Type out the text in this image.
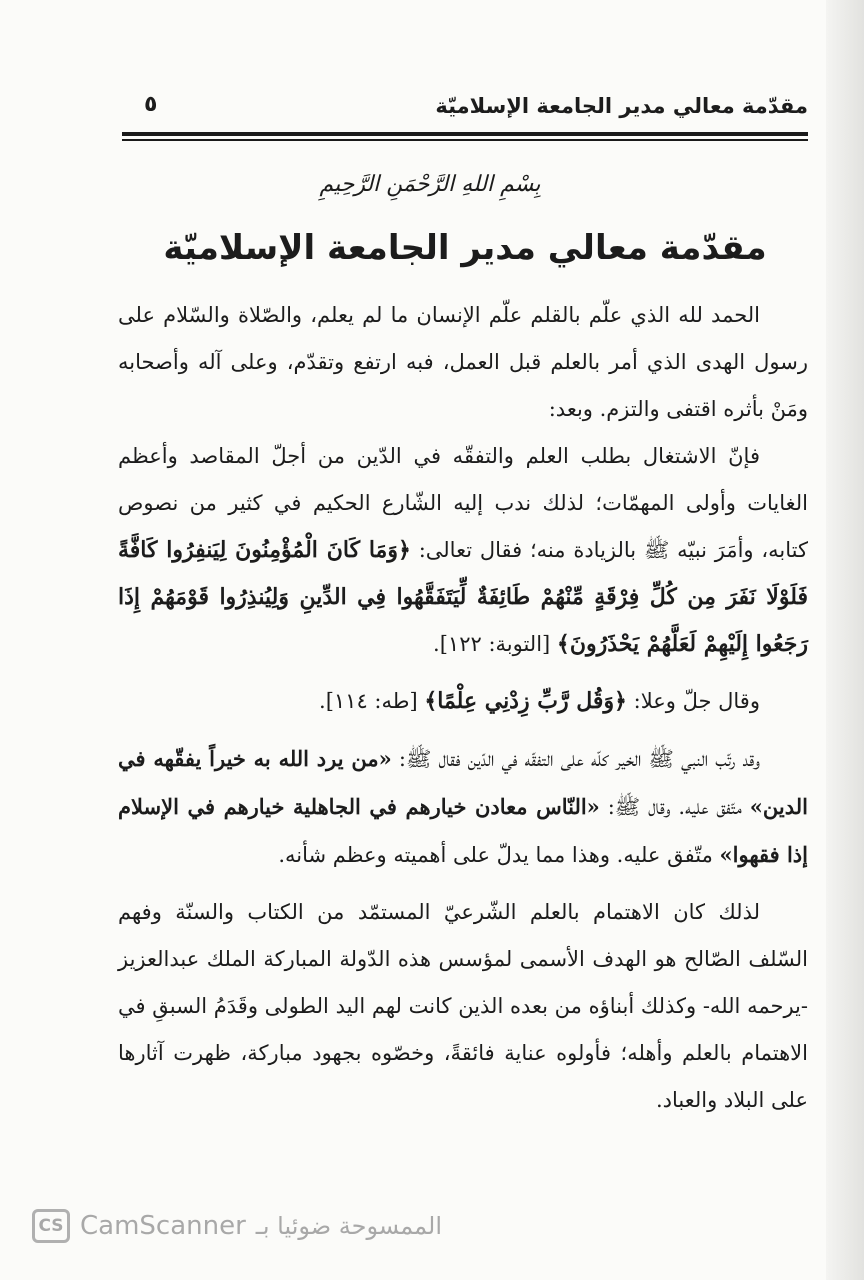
مقدّمة معالي مدير الجامعة الإسلاميّة
٥
بِسْمِ اللهِ الرَّحْمَنِ الرَّحِيمِ
مقدّمة معالي مدير الجامعة الإسلاميّة

الحمد لله الذي علّم بالقلم علّم الإنسان ما لم يعلم، والصّلاة والسّلام على رسول الهدى الذي أمر بالعلم قبل العمل، فبه ارتفع وتقدّم، وعلى آله وأصحابه ومَنْ بأثره اقتفى والتزم. وبعد:

فإنّ الاشتغال بطلب العلم والتفقّه في الدّين من أجلّ المقاصد وأعظم الغايات وأولى المهمّات؛ لذلك ندب إليه الشّارع الحكيم في كثير من نصوص كتابه، وأمَرَ نبيّه ﷺ بالزيادة منه؛ فقال تعالى: ﴿وَمَا كَانَ الْمُؤْمِنُونَ لِيَنفِرُوا كَافَّةً فَلَوْلَا نَفَرَ مِن كُلِّ فِرْقَةٍ مِّنْهُمْ طَائِفَةٌ لِّيَتَفَقَّهُوا فِي الدِّينِ وَلِيُنذِرُوا قَوْمَهُمْ إِذَا رَجَعُوا إِلَيْهِمْ لَعَلَّهُمْ يَحْذَرُونَ﴾ [التوبة: ١٢٢].

وقال جلّ وعلا: ﴿وَقُل رَّبِّ زِدْنِي عِلْمًا﴾ [طه: ١١٤].

وقد رتّب النبي ﷺ الخير كلّه على التفقّه في الدّين فقال ﷺ: «من يرد الله به خيراً يفقّهه في الدين» متّفق عليه. وقال ﷺ: «النّاس معادن خيارهم في الجاهلية خيارهم في الإسلام إذا فقهوا» متّفق عليه. وهذا مما يدلّ على أهميته وعظم شأنه.

لذلك كان الاهتمام بالعلم الشّرعيّ المستمّد من الكتاب والسنّة وفهم السّلف الصّالح هو الهدف الأسمى لمؤسس هذه الدّولة المباركة الملك عبدالعزيز -يرحمه الله- وكذلك أبناؤه من بعده الذين كانت لهم اليد الطولى وقَدَمُ السبقِ في الاهتمام بالعلم وأهله؛ فأولوه عناية فائقةً، وخصّوه بجهود مباركة، ظهرت آثارها على البلاد والعباد.

CS CamScanner الممسوحة ضوئيا بـ
